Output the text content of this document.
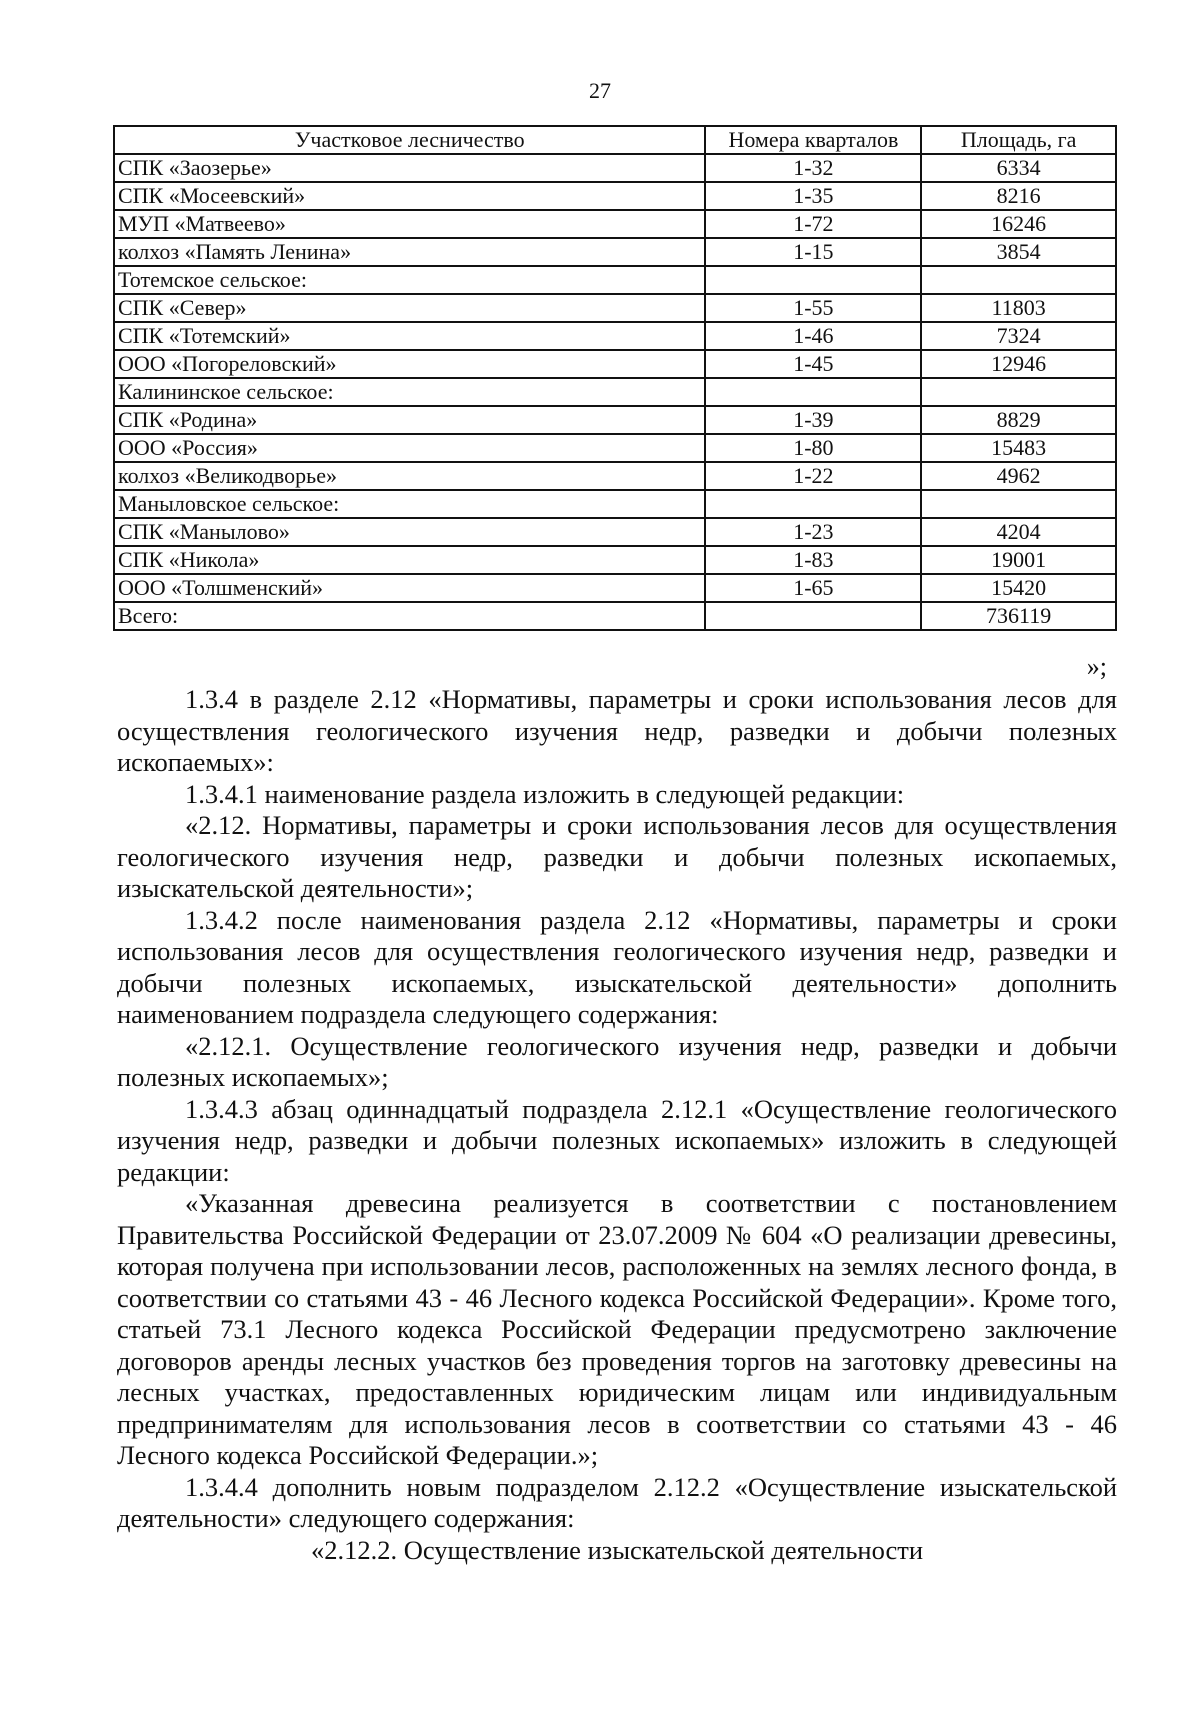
27
Участковое лесничество	Номера кварталов	Площадь, га
СПК «Заозерье»	1-32	6334
СПК «Мосеевский»	1-35	8216
МУП «Матвеево»	1-72	16246
колхоз «Память Ленина»	1-15	3854
Тотемское сельское:		
СПК «Север»	1-55	11803
СПК «Тотемский»	1-46	7324
ООО «Погореловский»	1-45	12946
Калининское сельское:		
СПК «Родина»	1-39	8829
ООО «Россия»	1-80	15483
колхоз «Великодворье»	1-22	4962
Маныловское сельское:		
СПК «Манылово»	1-23	4204
СПК «Никола»	1-83	19001
ООО «Толшменский»	1-65	15420
Всего:		736119
»;

1.3.4 в разделе 2.12 «Нормативы, параметры и сроки использования лесов для осуществления геологического изучения недр, разведки и добычи полезных ископаемых»:

1.3.4.1 наименование раздела изложить в следующей редакции:

«2.12. Нормативы, параметры и сроки использования лесов для осуществления геологического изучения недр, разведки и добычи полезных ископаемых, изыскательской деятельности»;

1.3.4.2 после наименования раздела 2.12 «Нормативы, параметры и сроки использования лесов для осуществления геологического изучения недр, разведки и добычи полезных ископаемых, изыскательской деятельности» дополнить наименованием подраздела следующего содержания:

«2.12.1. Осуществление геологического изучения недр, разведки и добычи полезных ископаемых»;

1.3.4.3 абзац одиннадцатый подраздела 2.12.1 «Осуществление геологического изучения недр, разведки и добычи полезных ископаемых» изложить в следующей редакции:

«Указанная древесина реализуется в соответствии с постановлением Правительства Российской Федерации от 23.07.2009 № 604 «О реализации древесины, которая получена при использовании лесов, расположенных на землях лесного фонда, в соответствии со статьями 43 - 46 Лесного кодекса Российской Федерации». Кроме того, статьей 73.1 Лесного кодекса Российской Федерации предусмотрено заключение договоров аренды лесных участков без проведения торгов на заготовку древесины на лесных участках, предоставленных юридическим лицам или индивидуальным предпринимателям для использования лесов в соответствии со статьями 43 - 46 Лесного кодекса Российской Федерации.»;

1.3.4.4 дополнить новым подразделом 2.12.2 «Осуществление изыскательской деятельности» следующего содержания:

«2.12.2. Осуществление изыскательской деятельности
